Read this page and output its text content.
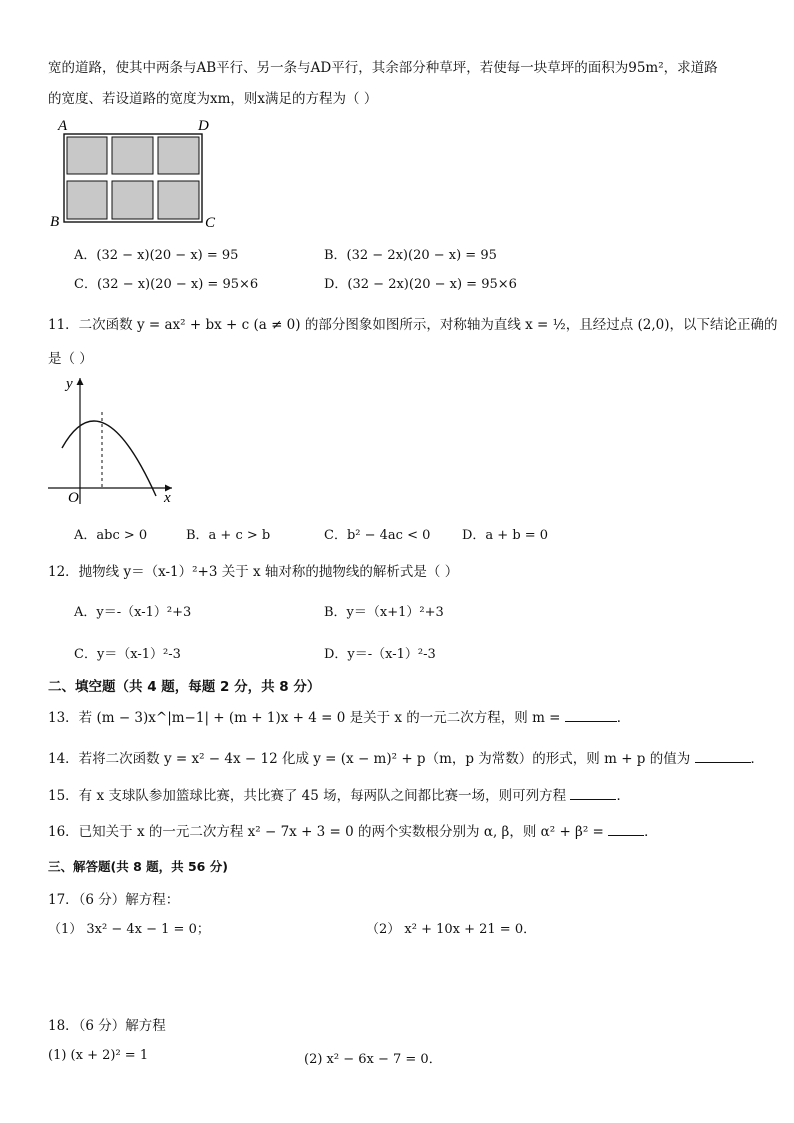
宽的道路，使其中两条与AB平行、另一条与AD平行，其余部分种草坪，若使每一块草坪的面积为95m²，求道路
的宽度、若设道路的宽度为xm，则x满足的方程为（ ）
A	D
B	C
A．(32 − x)(20 − x) = 95	B．(32 − 2x)(20 − x) = 95
C．(32 − x)(20 − x) = 95×6	D．(32 − 2x)(20 − x) = 95×6
11．二次函数 y = ax² + bx + c (a ≠ 0) 的部分图象如图所示，对称轴为直线 x = ½，且经过点 (2,0)，以下结论正确的
是（ ）
y
x
O
A．abc > 0	B．a + c > b	C．b² − 4ac < 0 D．a + b = 0
12．抛物线 y＝（x-1）²+3 关于 x 轴对称的抛物线的解析式是（ ）
A．y＝-（x-1）²+3	B．y＝（x+1）²+3
C．y＝（x-1）²-3	D．y＝-（x-1）²-3
二、填空题（共 4 题，每题 2 分，共 8 分）
13．若 (m − 3)x^|m−1| + (m + 1)x + 4 = 0 是关于 x 的一元二次方程，则 m =	．
14．若将二次函数 y = x² − 4x − 12 化成 y = (x − m)² + p（m，p 为常数）的形式，则 m + p 的值为	．
15．有 x 支球队参加篮球比赛，共比赛了 45 场，每两队之间都比赛一场，则可列方程	．
16．已知关于 x 的一元二次方程 x² − 7x + 3 = 0 的两个实数根分别为 α, β，则 α² + β² =	．
三、解答题(共 8 题，共 56 分)
17．（6 分）解方程：
（1） 3x² − 4x − 1 = 0；	（2） x² + 10x + 21 = 0．
18．（6 分）解方程
(1) (x + 2)² = 1	(2) x² − 6x − 7 = 0．
